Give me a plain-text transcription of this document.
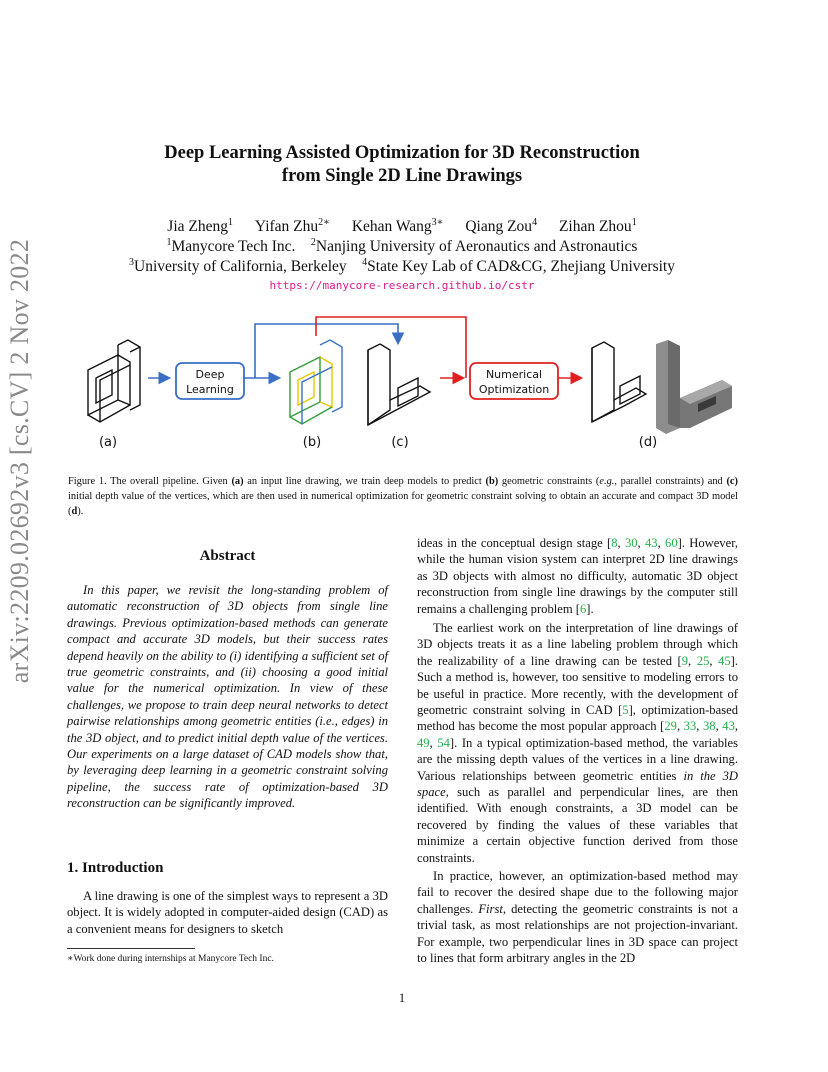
Deep Learning Assisted Optimization for 3D Reconstruction
from Single 2D Line Drawings
Jia Zheng$^1$ Yifan Zhu$^{2∗}$ Kehan Wang$^{3∗}$ Qiang Zou$^4$ Zihan Zhou$^1$
$^1$Manycore Tech Inc. $^2$Nanjing University of Aeronautics and Astronautics
$^3$University of California, Berkeley $^4$State Key Lab of CAD&CG, Zhejiang University
https://manycore-research.github.io/cstr
arXiv:2209.02692v3 [cs.CV] 2 Nov 2022	Deep
Learning
Numerical
Optimization
(a)	(b)	(c)	(d)
Figure 1. The overall pipeline. Given (a) an input line drawing, we train deep models to predict (b) geometric constraints (e.g., parallel constraints) and (c) initial depth value of the vertices, which are then used in numerical optimization for geometric constraint solving to obtain an accurate and compact 3D model (d).
Abstract
In this paper, we revisit the long-standing problem of automatic reconstruction of 3D objects from single line drawings. Previous optimization-based methods can generate compact and accurate 3D models, but their success rates depend heavily on the ability to (i) identifying a sufficient set of true geometric constraints, and (ii) choosing a good initial value for the numerical optimization. In view of these challenges, we propose to train deep neural networks to detect pairwise relationships among geometric entities (i.e., edges) in the 3D object, and to predict initial depth value of the vertices. Our experiments on a large dataset of CAD models show that, by leveraging deep learning in a geometric constraint solving pipeline, the success rate of optimization-based 3D reconstruction can be significantly improved.
1. Introduction
A line drawing is one of the simplest ways to represent a 3D object. It is widely adopted in computer-aided design (CAD) as a convenient means for designers to sketch
∗Work done during internships at Manycore Tech Inc.
ideas in the conceptual design stage [8, 30, 43, 60]. However, while the human vision system can interpret 2D line drawings as 3D objects with almost no difficulty, automatic 3D object reconstruction from single line drawings by the computer still remains a challenging problem [6].
The earliest work on the interpretation of line drawings of 3D objects treats it as a line labeling problem through which the realizability of a line drawing can be tested [9, 25, 45]. Such a method is, however, too sensitive to modeling errors to be useful in practice. More recently, with the development of geometric constraint solving in CAD [5], optimization-based method has become the most popular approach [29, 33, 38, 43, 49, 54]. In a typical optimization-based method, the variables are the missing depth values of the vertices in a line drawing. Various relationships between geometric entities in the 3D space, such as parallel and perpendicular lines, are then identified. With enough constraints, a 3D model can be recovered by finding the values of these variables that minimize a certain objective function derived from those constraints.
In practice, however, an optimization-based method may fail to recover the desired shape due to the following major challenges. First, detecting the geometric constraints is not a trivial task, as most relationships are not projection-invariant. For example, two perpendicular lines in 3D space can project to lines that form arbitrary angles in the 2D
1
